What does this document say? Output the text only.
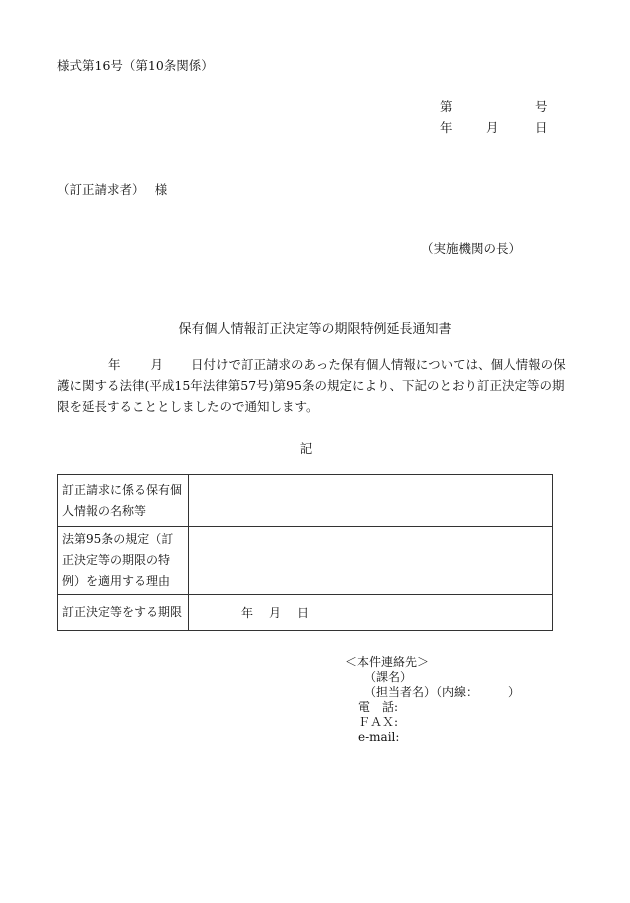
様式第16号（第10条関係）
第	号
年	月	日
（訂正請求者）　 様
（実施機関の長）
保有個人情報訂正決定等の期限特例延長通知書
年 月 日付けで訂正請求のあった保有個人情報については、個人情報の保護に関する法律(平成15年法律第57号)第95条の規定により、下記のとおり訂正決定等の期限を延長することとしましたので通知します。
記
訂正請求に係る保有個人情報の名称等	
法第95条の規定（訂正決定等の期限の特例）を適用する理由	
訂正決定等をする期限	年 月 日
＜本件連絡先＞
（課名）
（担当者名）（内線：	）
電　話:
ＦＡＸ:
e-mail:
